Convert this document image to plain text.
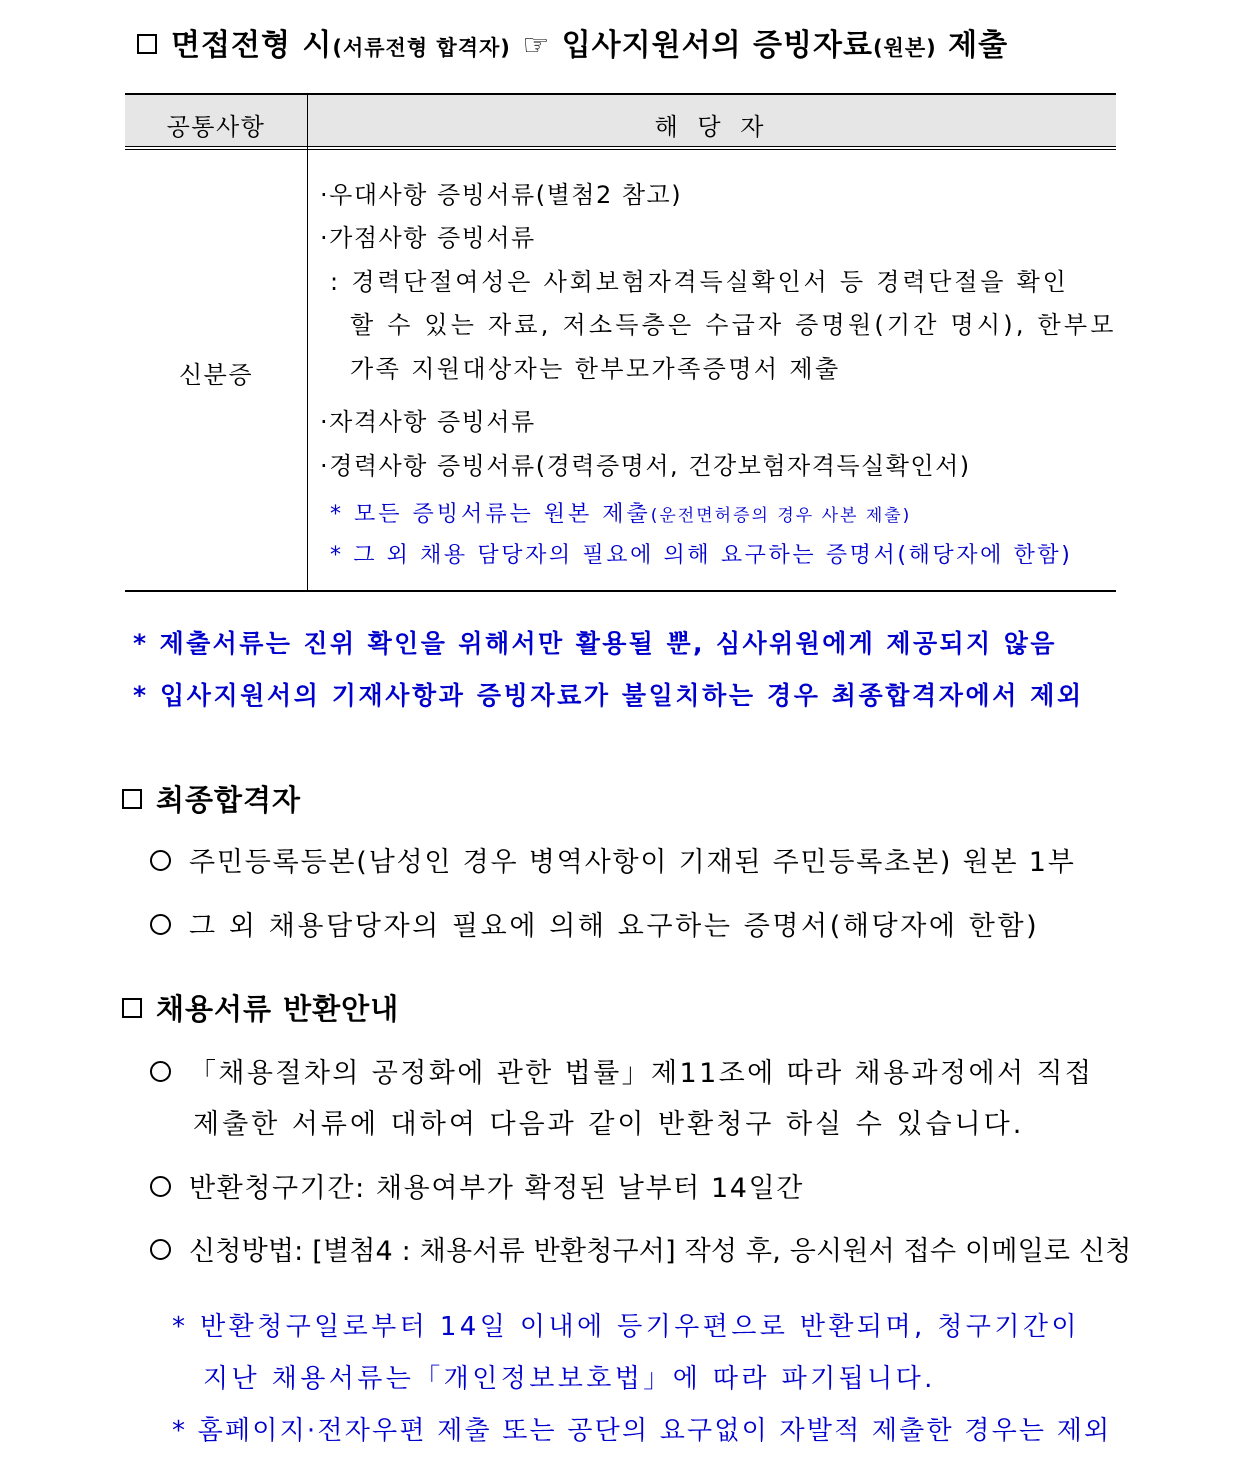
면접전형 시(서류전형 합격자) ☞ 입사지원서의 증빙자료(원본) 제출
공통사항	해 당 자
신분증
·우대사항 증빙서류(별첨2 참고)
·가점사항 증빙서류
: 경력단절여성은 사회보험자격득실확인서 등 경력단절을 확인
할 수 있는 자료, 저소득층은 수급자 증명원(기간 명시), 한부모
가족 지원대상자는 한부모가족증명서 제출
·자격사항 증빙서류
·경력사항 증빙서류(경력증명서, 건강보험자격득실확인서)
* 모든 증빙서류는 원본 제출(운전면허증의 경우 사본 제출)
* 그 외 채용 담당자의 필요에 의해 요구하는 증명서(해당자에 한함)
* 제출서류는 진위 확인을 위해서만 활용될 뿐, 심사위원에게 제공되지 않음
* 입사지원서의 기재사항과 증빙자료가 불일치하는 경우 최종합격자에서 제외
최종합격자
주민등록등본(남성인 경우 병역사항이 기재된 주민등록초본) 원본 1부
그 외 채용담당자의 필요에 의해 요구하는 증명서(해당자에 한함)
채용서류 반환안내
「채용절차의 공정화에 관한 법률」제11조에 따라 채용과정에서 직접
제출한 서류에 대하여 다음과 같이 반환청구 하실 수 있습니다.
반환청구기간: 채용여부가 확정된 날부터 14일간
신청방법: [별첨4 : 채용서류 반환청구서] 작성 후, 응시원서 접수 이메일로 신청
* 반환청구일로부터 14일 이내에 등기우편으로 반환되며, 청구기간이
지난 채용서류는「개인정보보호법」에 따라 파기됩니다.
* 홈페이지·전자우편 제출 또는 공단의 요구없이 자발적 제출한 경우는 제외
